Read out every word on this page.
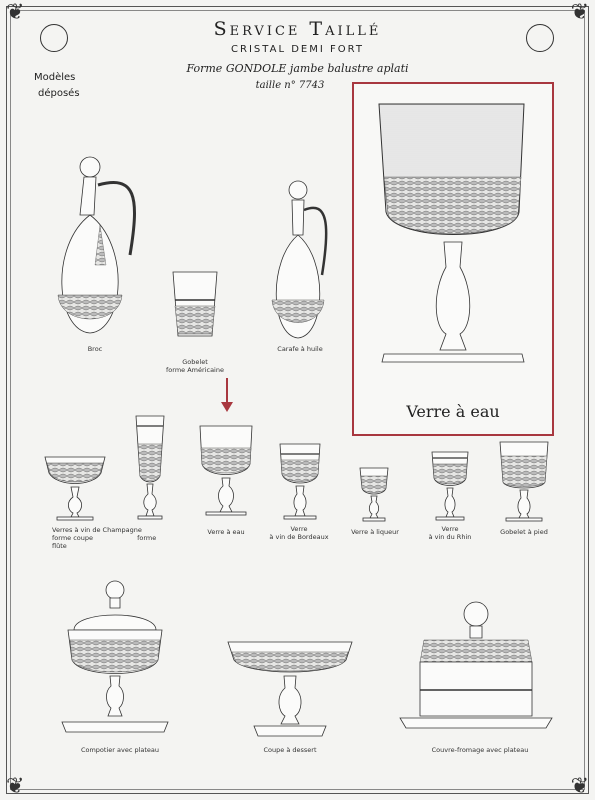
❦	❦
❦	❦
Service Taillé
CRISTAL DEMI FORT
Forme GONDOLE jambe balustre aplati
taille n° 7743
Modèles
déposés
Broc
Gobelet
forme Américaine
Carafe à huile
Verre à eau
Verres à vin de Champagne
forme coupe	forme flûte
Verre à eau	Verre
à vin de Bordeaux
Verre à liqueur	Verre
à vin du Rhin
Gobelet à pied
Compotier avec plateau	Coupe à dessert	Couvre-fromage avec plateau
